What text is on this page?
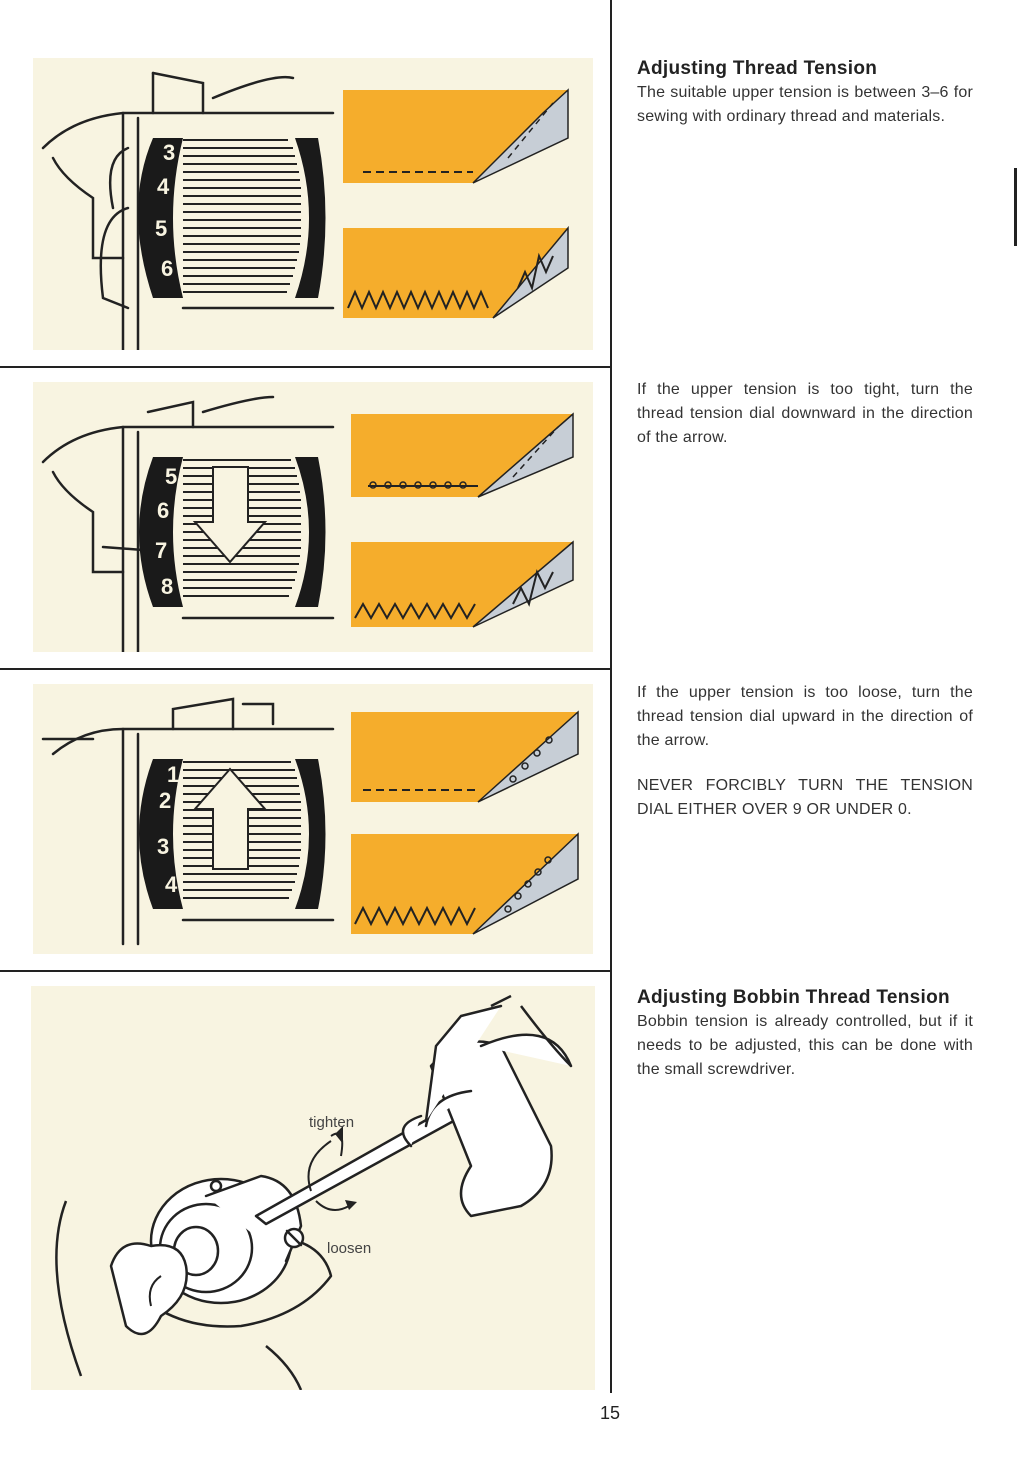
3
4
5
6
5
6
7
8
1
2
3
4
tighten
loosen
Adjusting Thread Tension

The suitable upper tension is between 3–6 for sewing with ordinary thread and materials.

If the upper tension is too tight, turn the thread tension dial downward in the direction of the arrow.

If the upper tension is too loose, turn the thread tension dial upward in the direction of the arrow.

NEVER FORCIBLY TURN THE TENSION DIAL EITHER OVER 9 OR UNDER 0.

Adjusting Bobbin Thread Tension

Bobbin tension is already controlled, but if it needs to be adjusted, this can be done with the small screwdriver.

15
